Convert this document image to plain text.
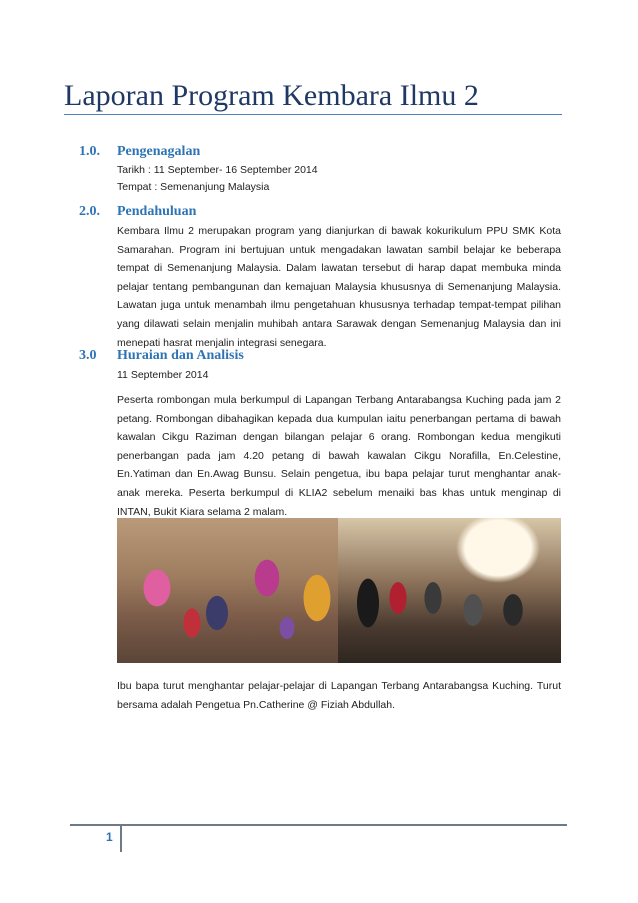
Laporan Program Kembara Ilmu 2
1.0. Pengenagalan
Tarikh : 11 September- 16 September 2014
Tempat : Semenanjung Malaysia
2.0. Pendahuluan

Kembara Ilmu 2 merupakan program yang dianjurkan di bawak kokurikulum PPU SMK Kota Samarahan. Program ini bertujuan untuk mengadakan lawatan sambil belajar ke beberapa tempat di Semenanjung Malaysia. Dalam lawatan tersebut di harap dapat membuka minda pelajar tentang pembangunan dan kemajuan Malaysia khususnya di Semenanjung Malaysia. Lawatan juga untuk menambah ilmu pengetahuan khususnya terhadap tempat-tempat pilihan yang dilawati selain menjalin muhibah antara Sarawak dengan Semenanjug Malaysia dan ini menepati hasrat menjalin integrasi senegara.

3.0 Huraian dan Analisis
11 September 2014

Peserta rombongan mula berkumpul di Lapangan Terbang Antarabangsa Kuching pada jam 2 petang. Rombongan dibahagikan kepada dua kumpulan iaitu penerbangan pertama di bawah kawalan Cikgu Raziman dengan bilangan pelajar 6 orang. Rombongan kedua mengikuti penerbangan pada jam 4.20 petang di bawah kawalan Cikgu Norafilla, En.Celestine, En.Yatiman dan En.Awag Bunsu. Selain pengetua, ibu bapa pelajar turut menghantar anak-anak mereka. Peserta berkumpul di KLIA2 sebelum menaiki bas khas untuk menginap di INTAN, Bukit Kiara selama 2 malam.

Ibu bapa turut menghantar pelajar-pelajar di Lapangan Terbang Antarabangsa Kuching. Turut bersama adalah Pengetua Pn.Catherine @ Fiziah Abdullah.

1
